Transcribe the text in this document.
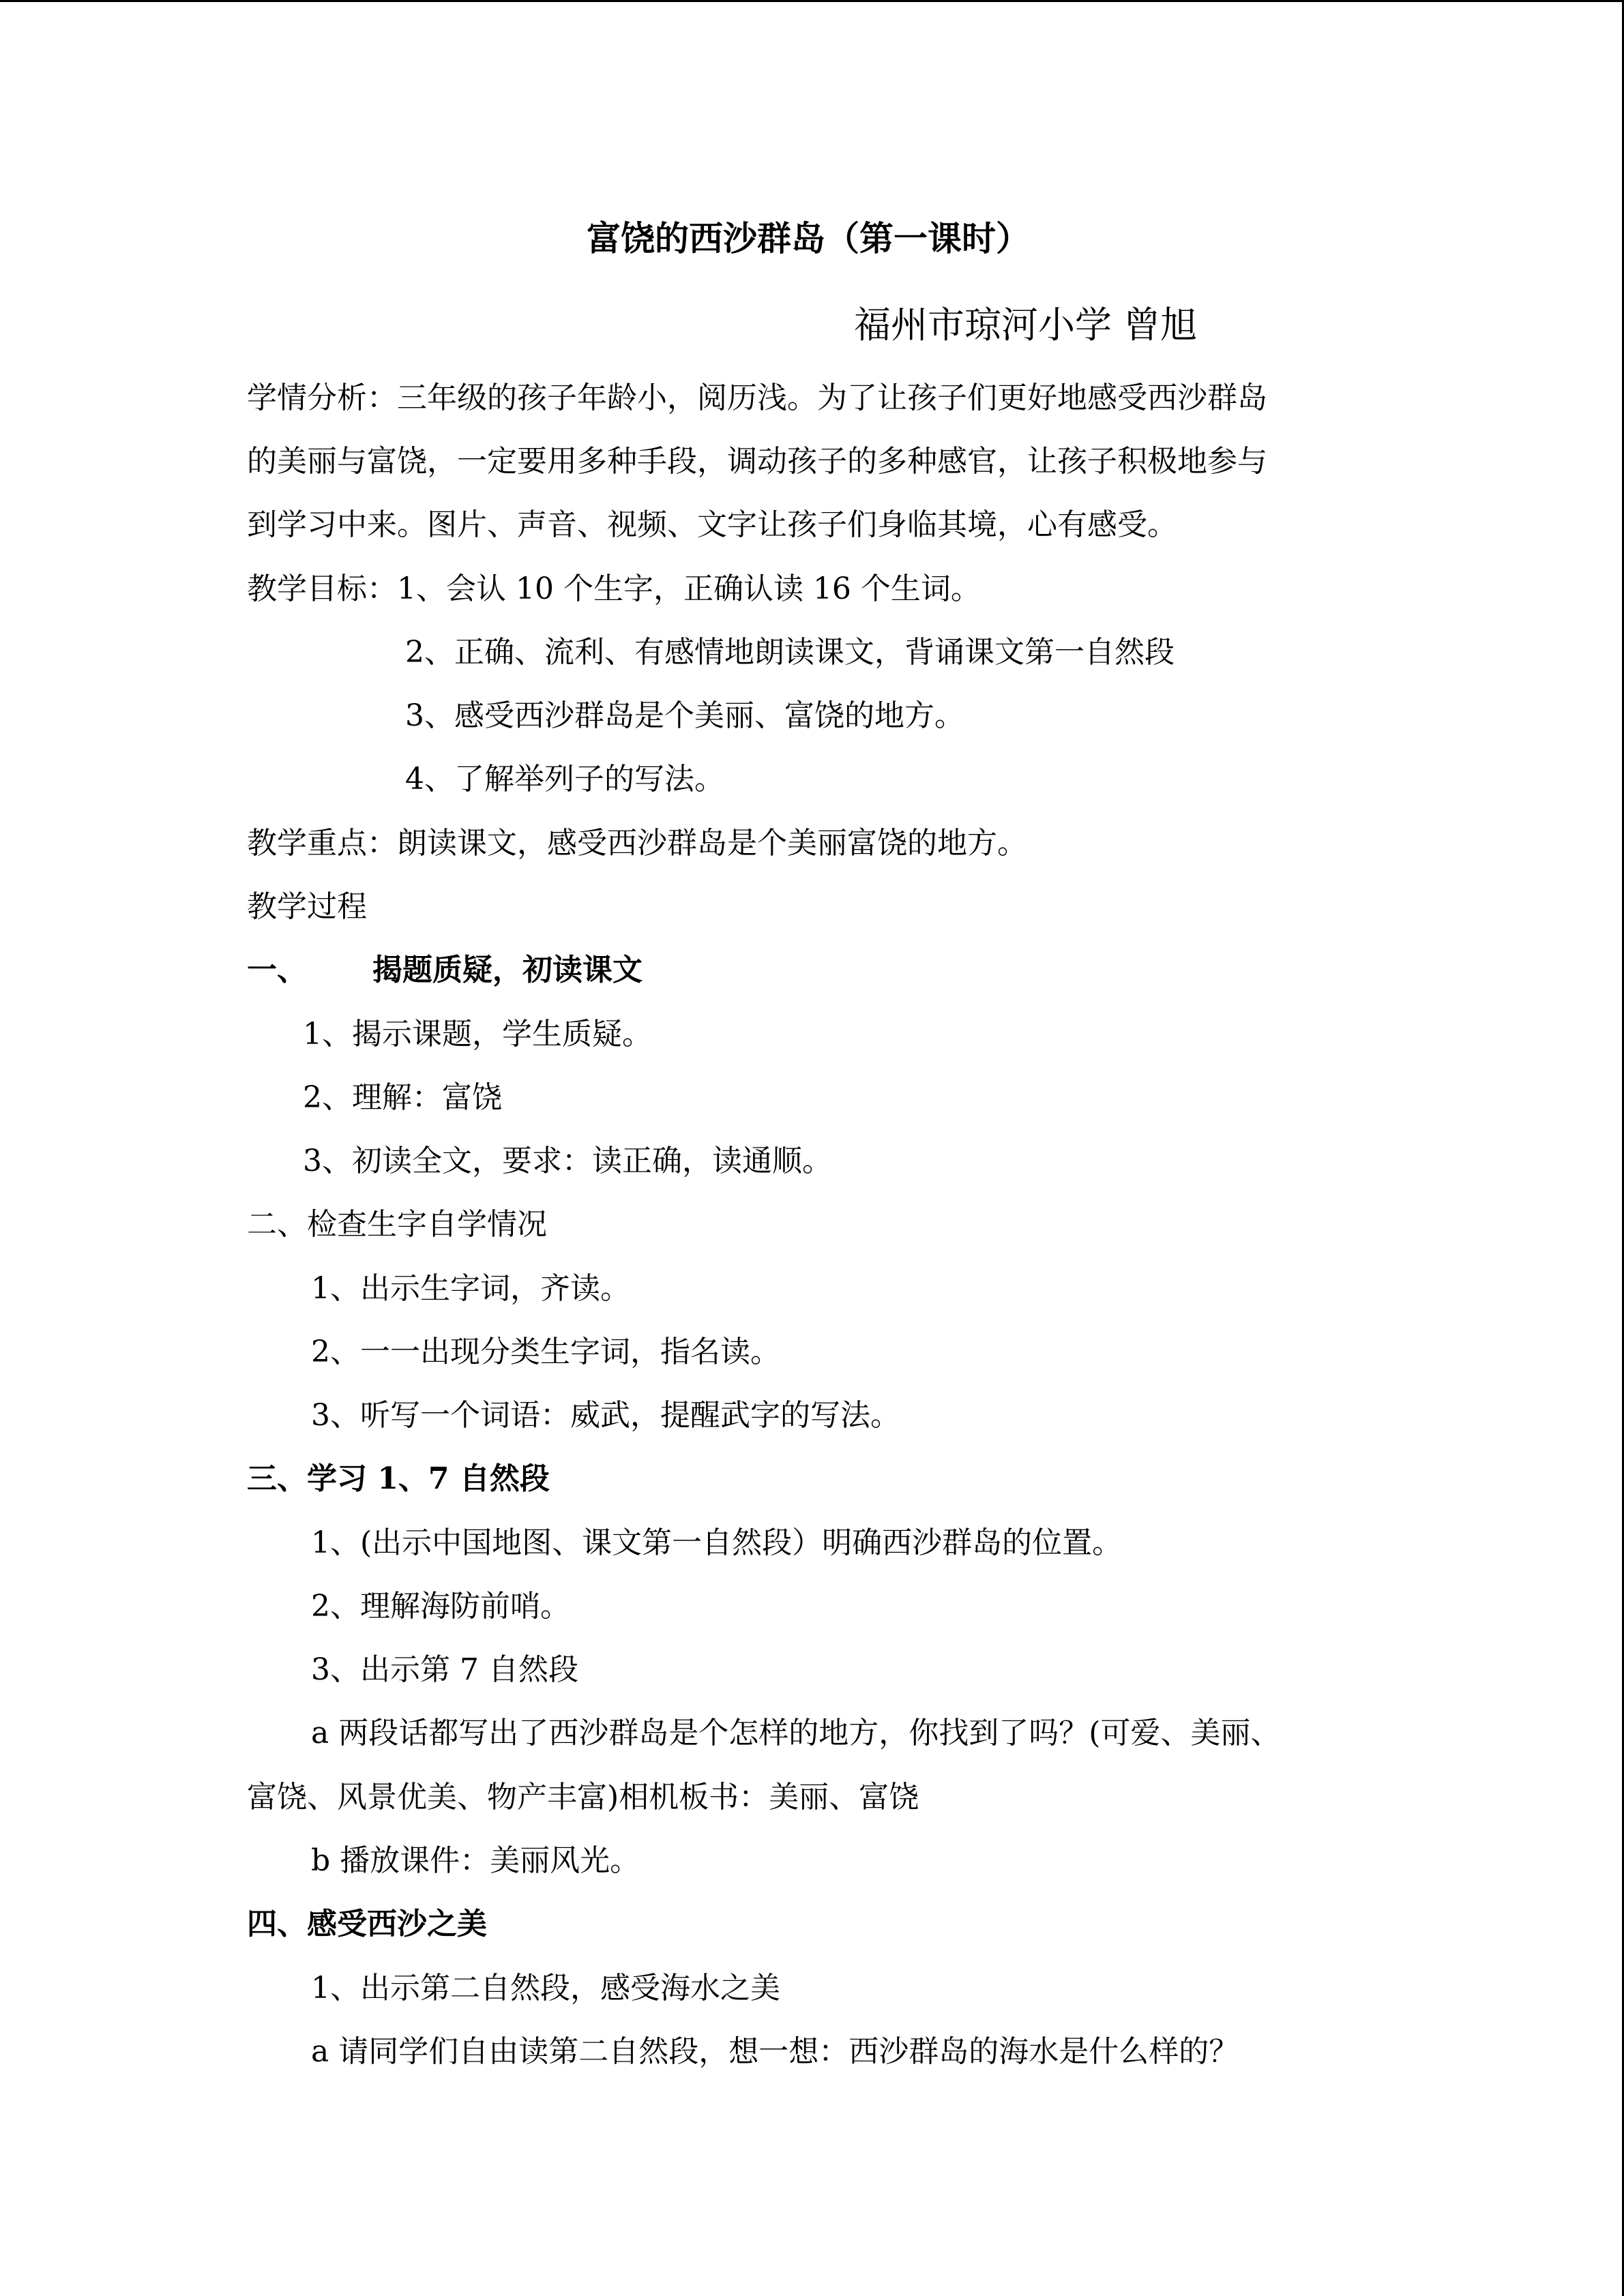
富饶的西沙群岛（第一课时）
福州市琼河小学 曾旭
学情分析：三年级的孩子年龄小，阅历浅。为了让孩子们更好地感受西沙群岛
的美丽与富饶，一定要用多种手段，调动孩子的多种感官，让孩子积极地参与
到学习中来。图片、声音、视频、文字让孩子们身临其境，心有感受。
教学目标：1、会认 10 个生字，正确认读 16 个生词。
2、正确、流利、有感情地朗读课文，背诵课文第一自然段
3、感受西沙群岛是个美丽、富饶的地方。
4、了解举列子的写法。
教学重点：朗读课文，感受西沙群岛是个美丽富饶的地方。
教学过程
一、 揭题质疑，初读课文
1、揭示课题，学生质疑。
2、理解：富饶
3、初读全文，要求：读正确，读通顺。
二、检查生字自学情况
1、出示生字词，齐读。
2、一一出现分类生字词，指名读。
3、听写一个词语：威武，提醒武字的写法。
三、学习 1、7 自然段
1、(出示中国地图、课文第一自然段）明确西沙群岛的位置。
2、理解海防前哨。
3、出示第 7 自然段
a 两段话都写出了西沙群岛是个怎样的地方，你找到了吗？(可爱、美丽、
富饶、风景优美、物产丰富)相机板书：美丽、富饶
b 播放课件：美丽风光。
四、感受西沙之美
1、出示第二自然段，感受海水之美
a 请同学们自由读第二自然段，想一想：西沙群岛的海水是什么样的？
